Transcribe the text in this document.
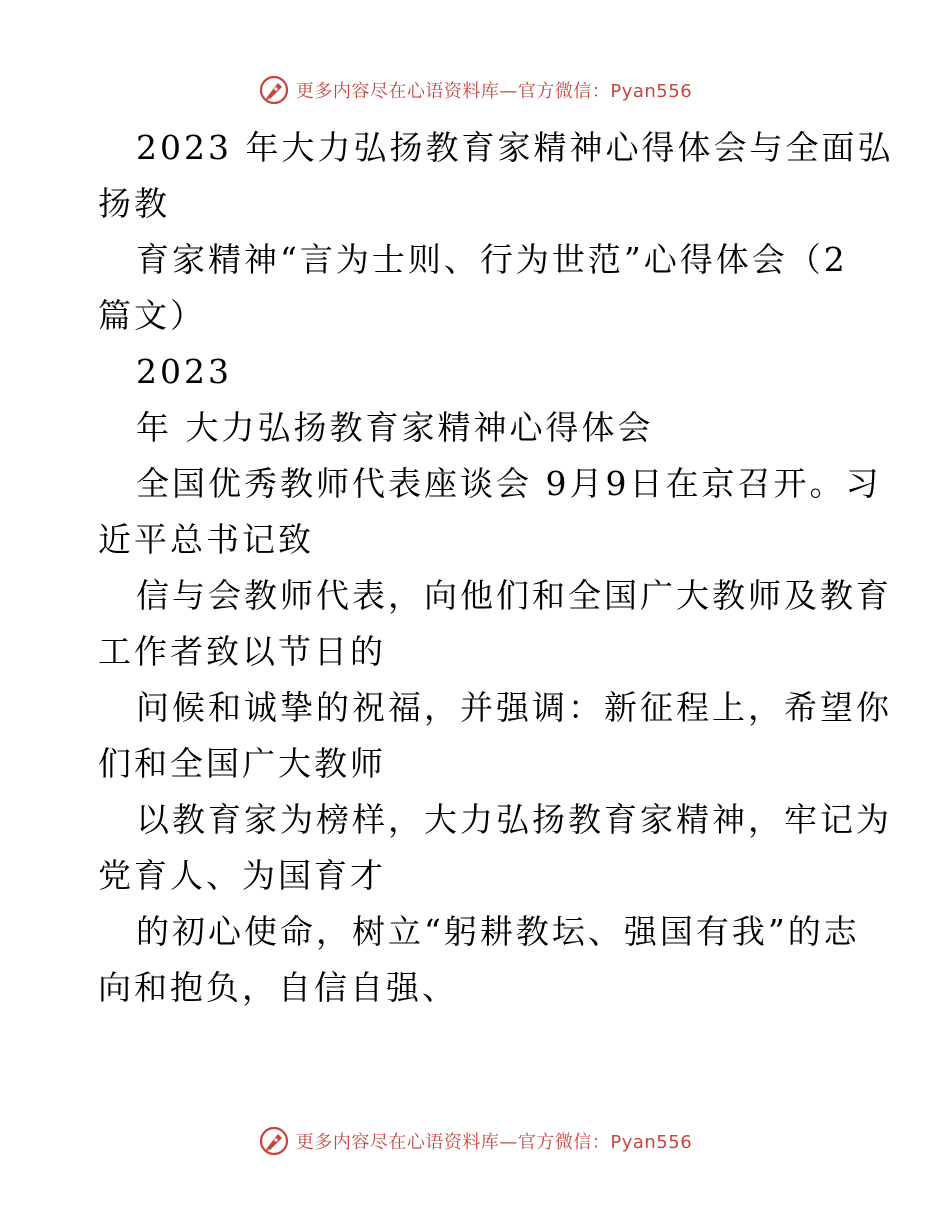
更多内容尽在心语资料库—官方微信：Pyan556
2023 年大力弘扬教育家精神心得体会与全面弘
扬教
育家精神“言为士则、行为世范”心得体会（2
篇文）
2023
年 大力弘扬教育家精神心得体会
全国优秀教师代表座谈会 9月9日在京召开。习
近平总书记致
信与会教师代表，向他们和全国广大教师及教育
工作者致以节日的
问候和诚挚的祝福，并强调：新征程上，希望你
们和全国广大教师
以教育家为榜样，大力弘扬教育家精神，牢记为
党育人、为国育才
的初心使命，树立“躬耕教坛、强国有我”的志
向和抱负，自信自强、
更多内容尽在心语资料库—官方微信：Pyan556
